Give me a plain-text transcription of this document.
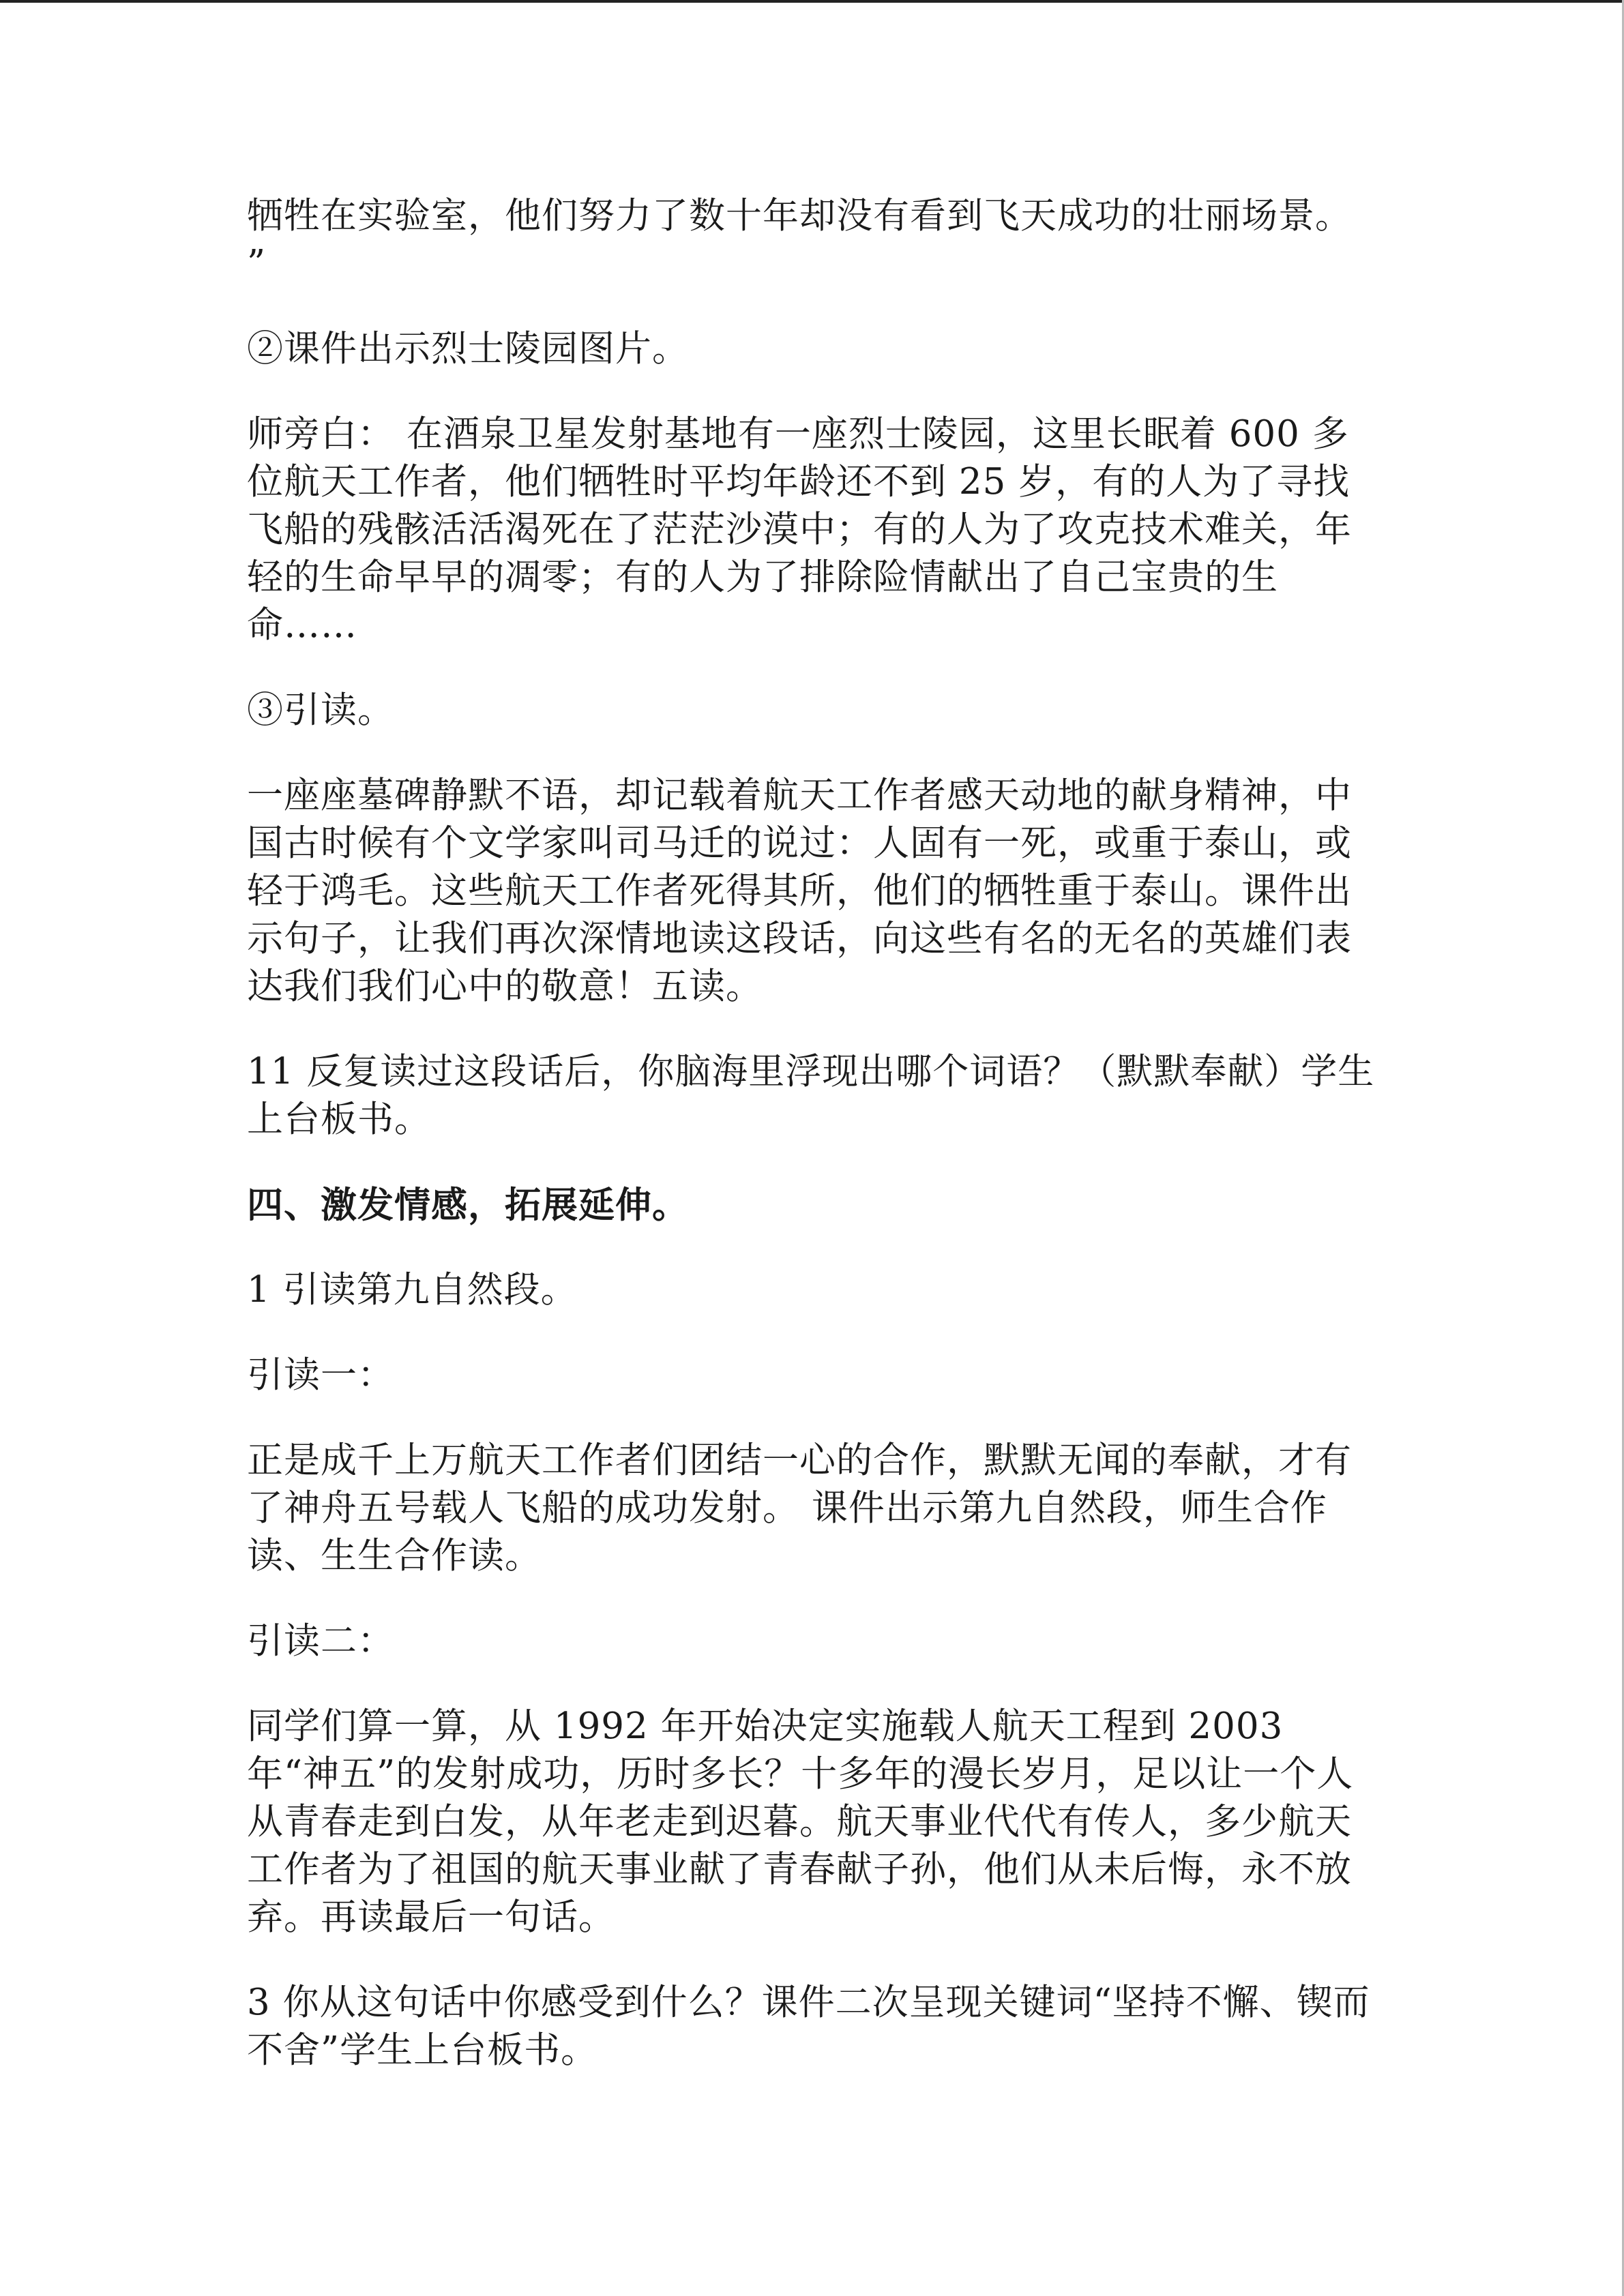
牺牲在实验室，他们努力了数十年却没有看到飞天成功的壮丽场景。 ”

②课件出示烈士陵园图片。

师旁白： 在酒泉卫星发射基地有一座烈士陵园，这里长眠着 600 多位航天工作者，他们牺牲时平均年龄还不到 25 岁，有的人为了寻找飞船的残骸活活渴死在了茫茫沙漠中；有的人为了攻克技术难关，年轻的生命早早的凋零；有的人为了排除险情献出了自己宝贵的生命……

③引读。

一座座墓碑静默不语，却记载着航天工作者感天动地的献身精神，中国古时候有个文学家叫司马迁的说过：人固有一死，或重于泰山，或轻于鸿毛。这些航天工作者死得其所，他们的牺牲重于泰山。课件出示句子，让我们再次深情地读这段话，向这些有名的无名的英雄们表达我们我们心中的敬意！五读。

11 反复读过这段话后，你脑海里浮现出哪个词语？（默默奉献）学生上台板书。

四、激发情感，拓展延伸。

1 引读第九自然段。

引读一：

正是成千上万航天工作者们团结一心的合作，默默无闻的奉献，才有了神舟五号载人飞船的成功发射。 课件出示第九自然段，师生合作读、生生合作读。

引读二：

同学们算一算，从 1992 年开始决定实施载人航天工程到 2003 年“神五”的发射成功，历时多长？十多年的漫长岁月，足以让一个人从青春走到白发，从年老走到迟暮。航天事业代代有传人，多少航天工作者为了祖国的航天事业献了青春献子孙，他们从未后悔，永不放弃。再读最后一句话。

3 你从这句话中你感受到什么？课件二次呈现关键词“坚持不懈、锲而不舍”学生上台板书。
